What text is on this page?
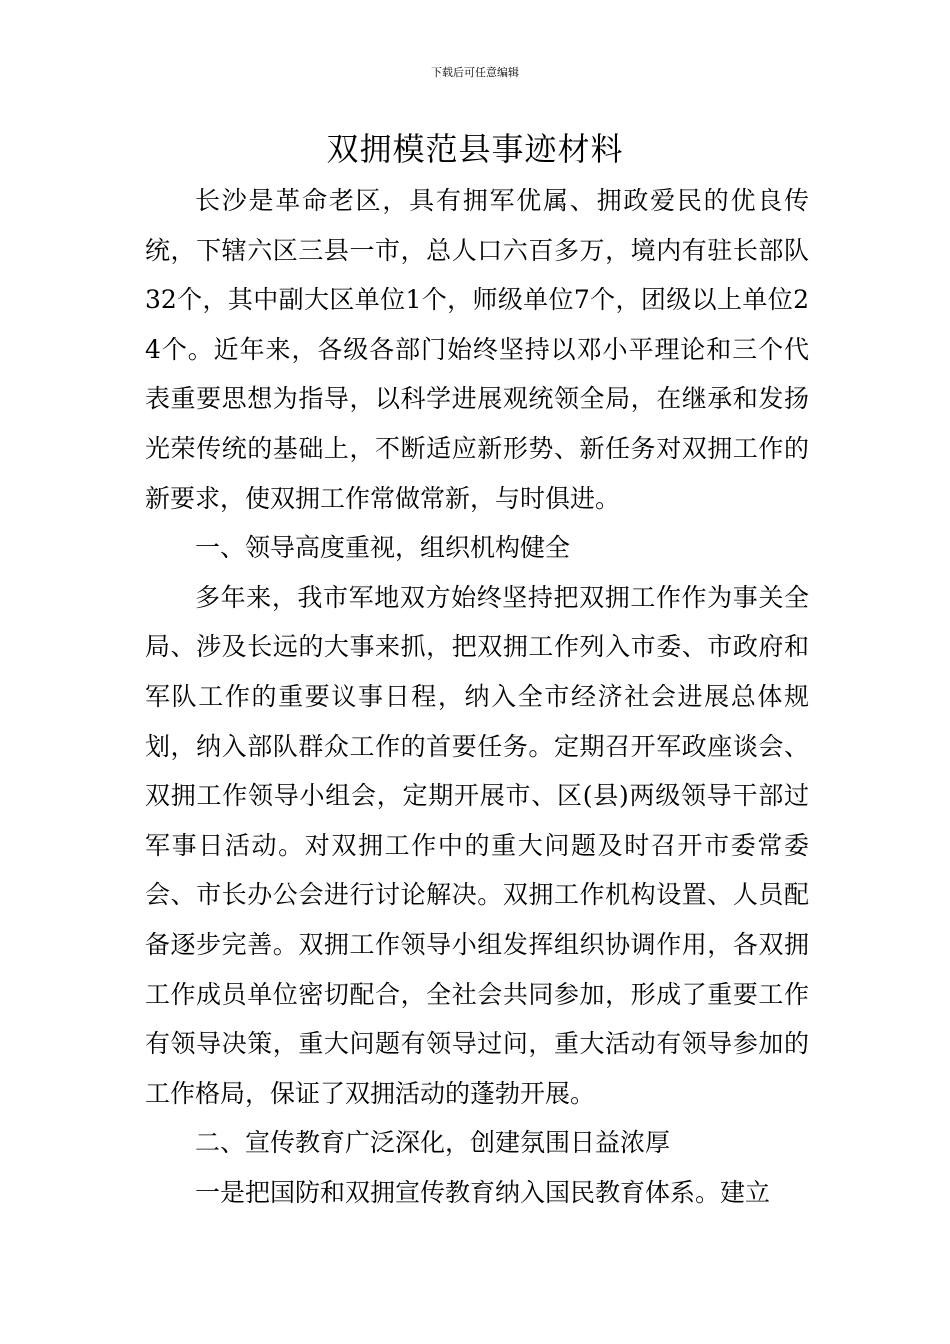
下载后可任意编辑
双拥模范县事迹材料

长沙是革命老区，具有拥军优属、拥政爱民的优良传统，下辖六区三县一市，总人口六百多万，境内有驻长部队32个，其中副大区单位1个，师级单位7个，团级以上单位24个。近年来，各级各部门始终坚持以邓小平理论和三个代表重要思想为指导，以科学进展观统领全局，在继承和发扬光荣传统的基础上，不断适应新形势、新任务对双拥工作的新要求，使双拥工作常做常新，与时俱进。

一、领导高度重视，组织机构健全

多年来，我市军地双方始终坚持把双拥工作作为事关全局、涉及长远的大事来抓，把双拥工作列入市委、市政府和军队工作的重要议事日程，纳入全市经济社会进展总体规划，纳入部队群众工作的首要任务。定期召开军政座谈会、双拥工作领导小组会，定期开展市、区(县)两级领导干部过军事日活动。对双拥工作中的重大问题及时召开市委常委会、市长办公会进行讨论解决。双拥工作机构设置、人员配备逐步完善。双拥工作领导小组发挥组织协调作用，各双拥工作成员单位密切配合，全社会共同参加，形成了重要工作有领导决策，重大问题有领导过问，重大活动有领导参加的工作格局，保证了双拥活动的蓬勃开展。

二、宣传教育广泛深化，创建氛围日益浓厚

一是把国防和双拥宣传教育纳入国民教育体系。建立
